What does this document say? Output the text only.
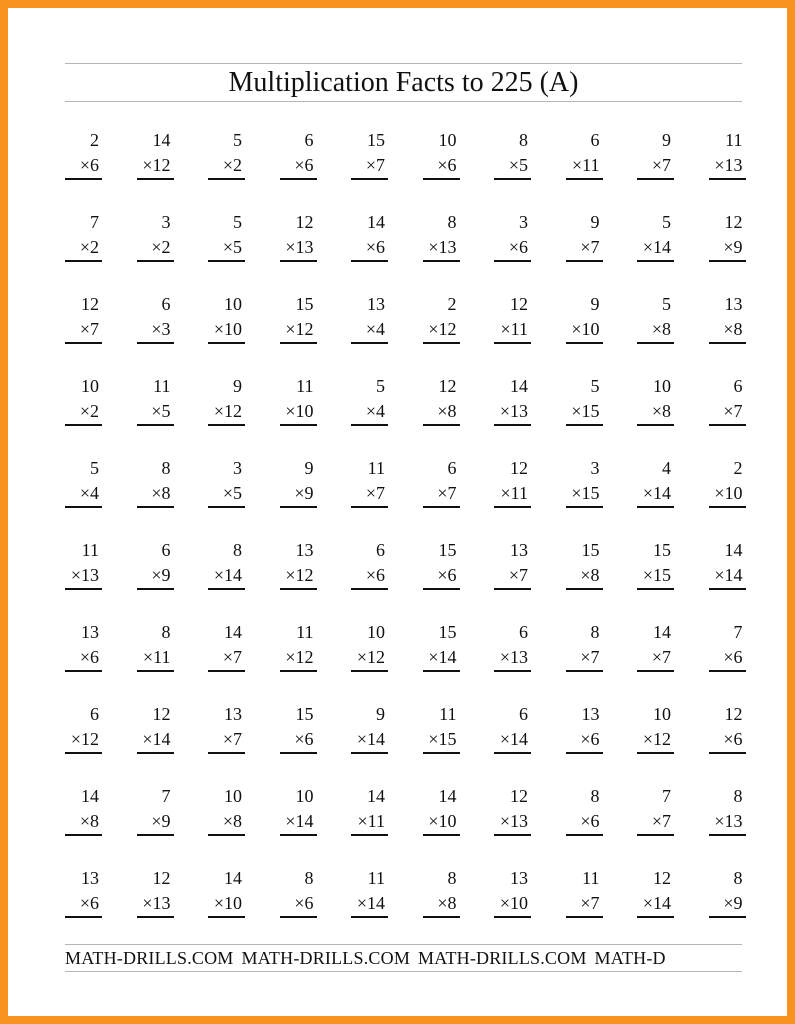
Multiplication Facts to 225 (A)
2
×6
14
×12
5
×2
6
×6
15
×7
10
×6
8
×5
6
×11
9
×7
11
×13
7
×2
3
×2
5
×5
12
×13
14
×6
8
×13
3
×6
9
×7
5
×14
12
×9
12
×7
6
×3
10
×10
15
×12
13
×4
2
×12
12
×11
9
×10
5
×8
13
×8
10
×2
11
×5
9
×12
11
×10
5
×4
12
×8
14
×13
5
×15
10
×8
6
×7
5
×4
8
×8
3
×5
9
×9
11
×7
6
×7
12
×11
3
×15
4
×14
2
×10
11
×13
6
×9
8
×14
13
×12
6
×6
15
×6
13
×7
15
×8
15
×15
14
×14
13
×6
8
×11
14
×7
11
×12
10
×12
15
×14
6
×13
8
×7
14
×7
7
×6
6
×12
12
×14
13
×7
15
×6
9
×14
11
×15
6
×14
13
×6
10
×12
12
×6
14
×8
7
×9
10
×8
10
×14
14
×11
14
×10
12
×13
8
×6
7
×7
8
×13
13
×6
12
×13
14
×10
8
×6
11
×14
8
×8
13
×10
11
×7
12
×14
8
×9
MATH-DRILLS.COM MATH-DRILLS.COM MATH-DRILLS.COM MATH-D
